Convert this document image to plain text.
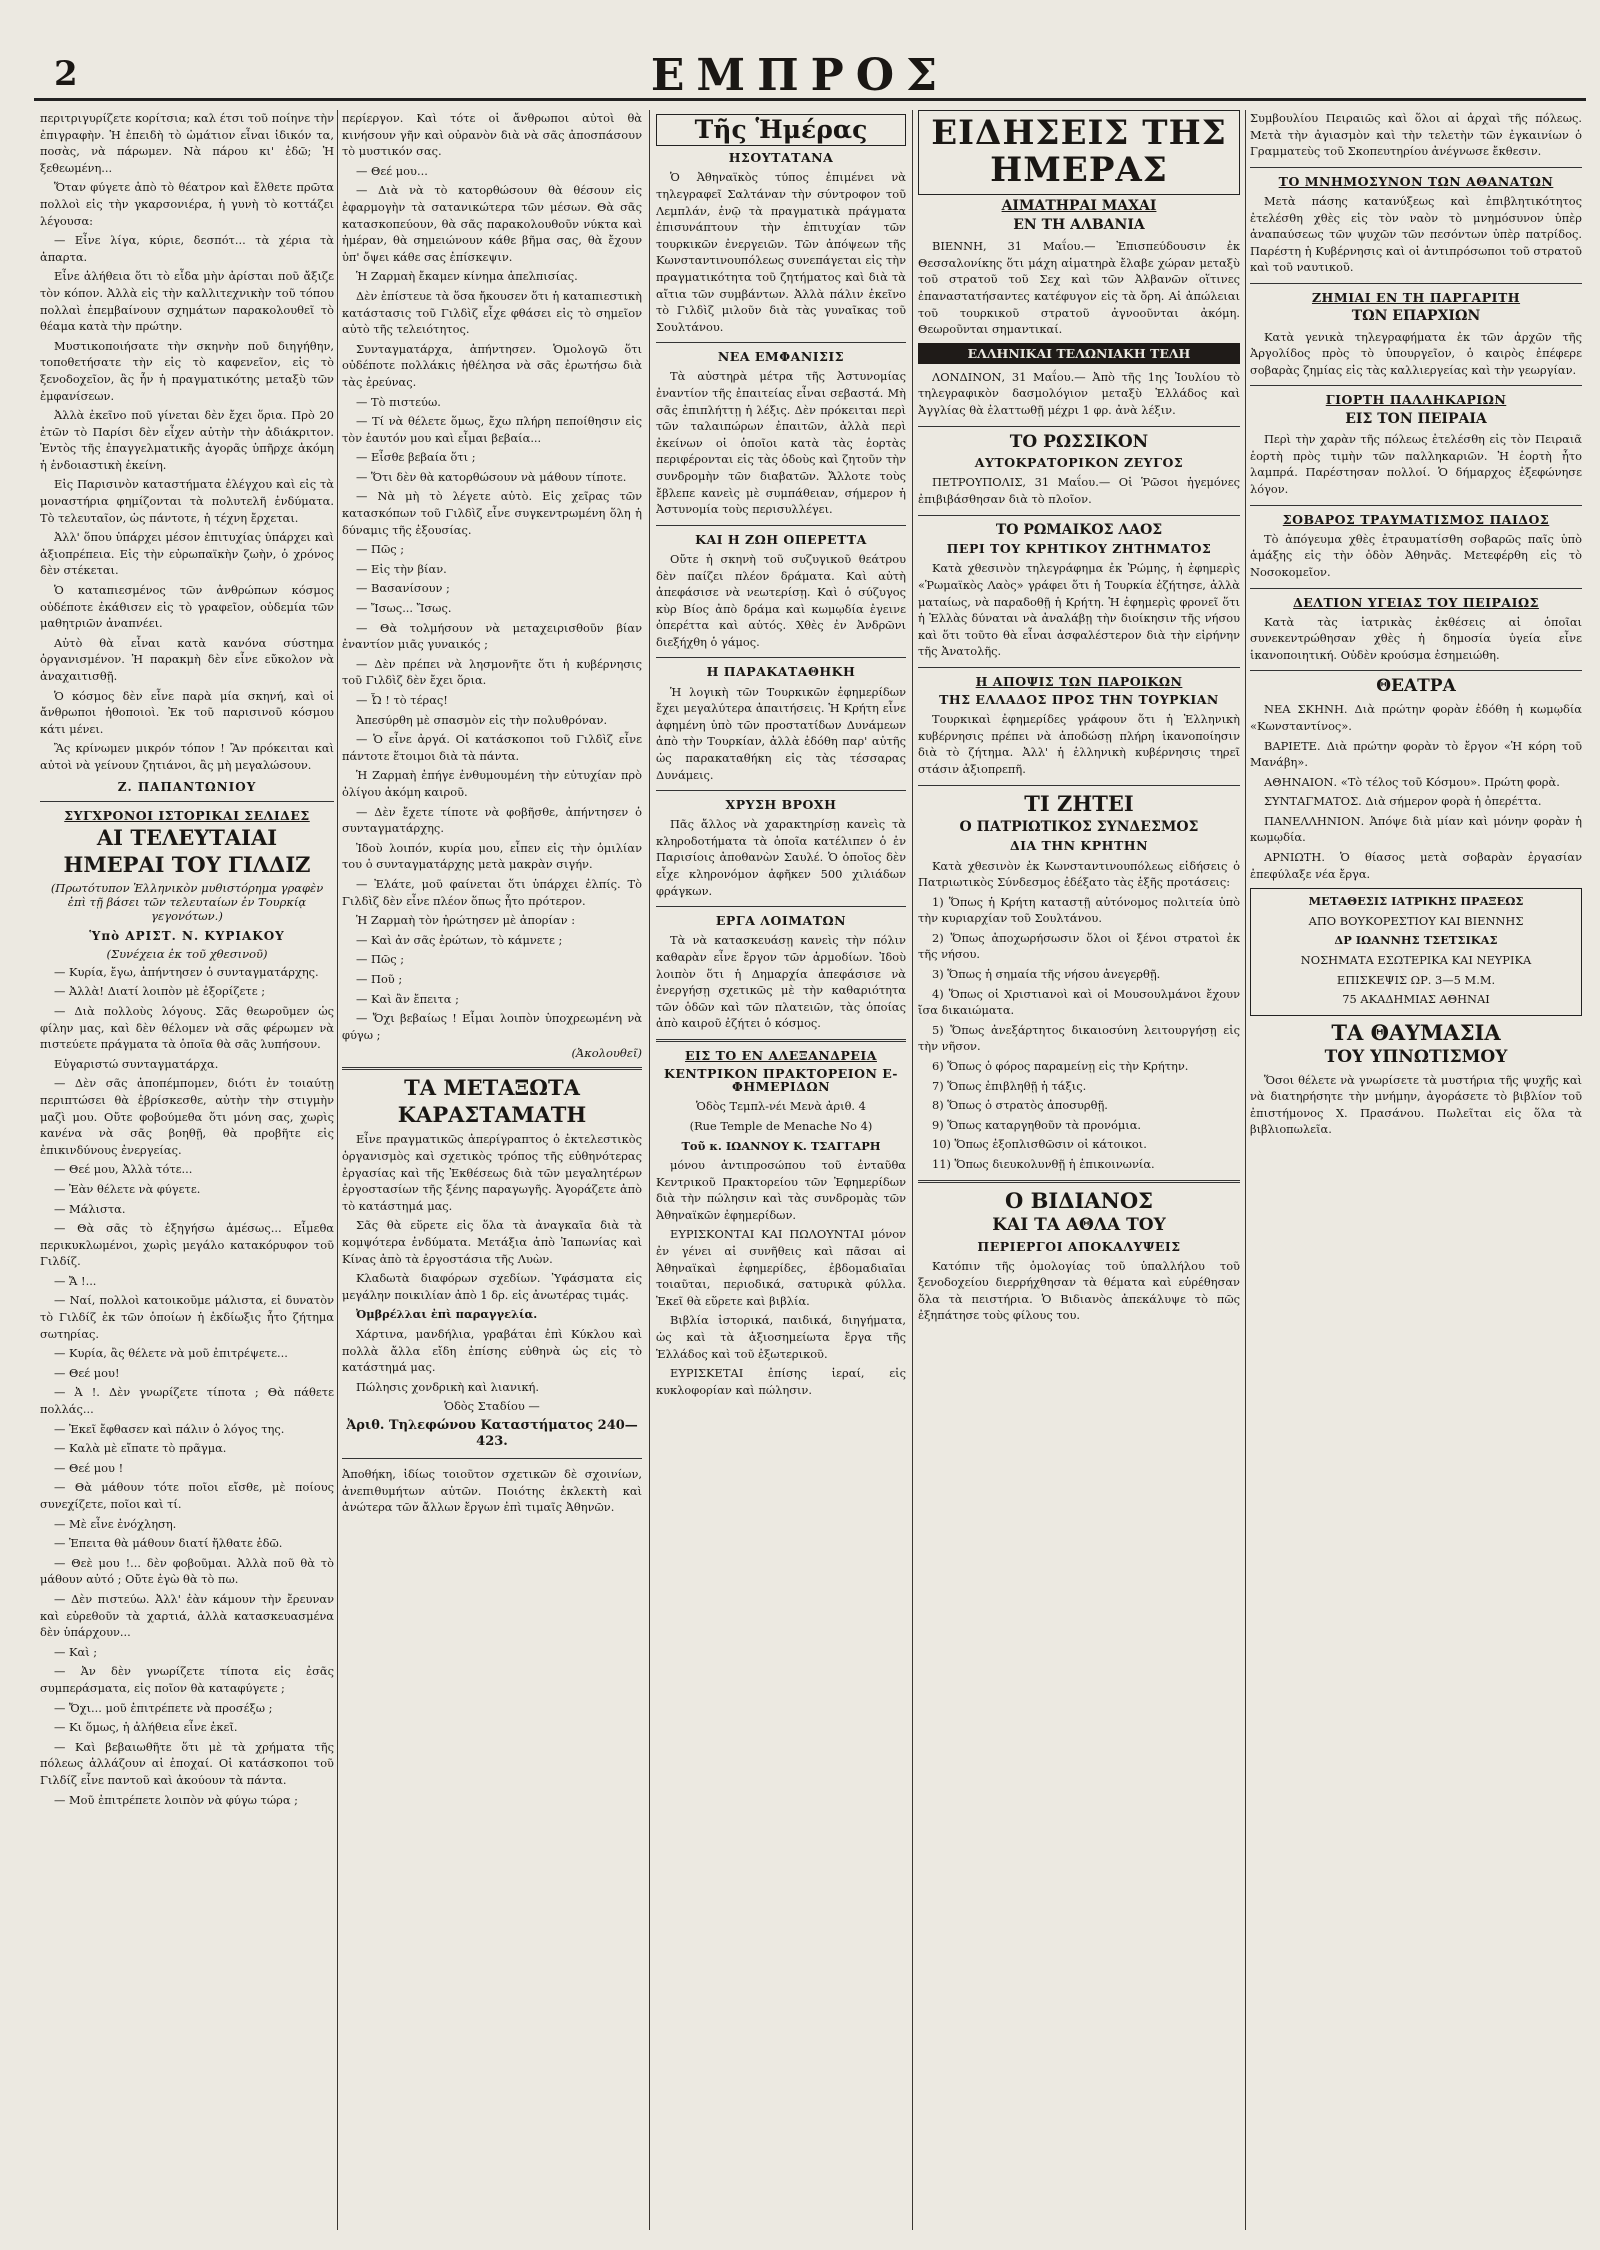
2	ΕΜΠΡΟΣ

περιτριγυρίζετε κορίτσια; καλ έτσι τοῦ ποίηνε τὴν ἐπιγραφὴν. Ἡ ἐπειδὴ τὸ ὠμάτιον εἶναι ἱδικόν τα, ποσὰς, νὰ πάρωμεν. Νὰ πάρου κι' ἐδῶ; Ἡ ξεθεωμένη...

Ὅταν φύγετε ἀπὸ τὸ θέατρον καὶ ἔλθετε πρῶτα πολλοὶ εἰς τὴν γκαρσονιέρα, ἡ γυνὴ τὸ κοττάζει λέγουσα:

— Εἶνε λίγα, κύριε, δεσπότ... τὰ χέρια τὰ ἀπαρτα.

Εἶνε ἀλήθεια ὅτι τὸ εἶδα μὴν ἀρίσται ποῦ ἄξιζε τὸν κόπον. Ἀλλὰ εἰς τὴν καλλιτεχνικὴν τοῦ τόπου πολλαὶ ἐπεμβαίνουν σχημάτων παρακολουθεῖ τὸ θέαμα κατὰ τὴν πρώτην.

Μυστικοποιήσατε τὴν σκηνὴν ποῦ διηγήθην, τοποθετήσατε τὴν εἰς τὸ καφενεῖον, εἰς τὸ ξενοδοχεῖον, ἂς ἦν ἡ πραγματικότης μεταξὺ τῶν ἐμφανίσεων.

Ἀλλὰ ἐκεῖνο ποῦ γίνεται δὲν ἔχει ὅρια. Πρὸ 20 ἐτῶν τὸ Παρίσι δὲν εἶχεν αὐτὴν τὴν ἀδιάκριτον. Ἐντὸς τῆς ἐπαγγελματικῆς ἀγορᾶς ὑπῆρχε ἀκόμη ἡ ἐνδοιαστικὴ ἐκείνη.

Εἰς Παρισινὸν καταστήματα ἐλέγχου καὶ εἰς τὰ μοναστήρια φημίζονται τὰ πολυτελῆ ἐνδύματα. Τὸ τελευταῖον, ὡς πάντοτε, ἡ τέχνη ἔρχεται.

Ἀλλ' ὅπου ὑπάρχει μέσον ἐπιτυχίας ὑπάρχει καὶ ἀξιοπρέπεια. Εἰς τὴν εὐρωπαϊκὴν ζωὴν, ὁ χρόνος δὲν στέκεται.

Ὁ καταπιεσμένος τῶν ἀνθρώπων κόσμος οὐδέποτε ἐκάθισεν εἰς τὸ γραφεῖον, οὐδεμία τῶν μαθητριῶν ἀναπνέει.

Αὐτὸ θὰ εἶναι κατὰ κανόνα σύστημα ὀργανισμένον. Ἡ παρακμὴ δὲν εἶνε εὔκολον νὰ ἀναχαιτισθῇ.

Ὁ κόσμος δὲν εἶνε παρὰ μία σκηνή, καὶ οἱ ἄνθρωποι ἠθοποιοὶ. Ἐκ τοῦ παρισινοῦ κόσμου κάτι μένει.

Ἂς κρίνωμεν μικρόν τόπον ! Ἂν πρόκειται καὶ αὐτοὶ νὰ γείνουν ζητιάνοι, ἂς μὴ μεγαλώσουν.

Ζ. ΠΑΠΑΝΤΩΝΙΟΥ
ΣΥΓΧΡΟΝΟΙ ΙΣΤΟΡΙΚΑΙ ΣΕΛΙΔΕΣ
ΑΙ ΤΕΛΕΥΤΑΙΑΙ
ΗΜΕΡΑΙ ΤΟΥ ΓΙΛΔΙΖ
(Πρωτότυπον Ἑλληνικὸν μυθιστόρημα γραφὲν ἐπὶ τῇ βάσει τῶν τελευταίων ἐν Τουρκίᾳ γεγονότων.)
Ὑπὸ ΑΡΙΣΤ. Ν. ΚΥΡΙΑΚΟΥ
(Συνέχεια ἐκ τοῦ χθεσινοῦ)

— Κυρία, ἔγω, ἀπήντησεν ὁ συνταγματάρχης.

— Ἀλλὰ! Διατί λοιπὸν μὲ ἐξορίζετε ;

— Διὰ πολλοὺς λόγους. Σᾶς θεωροῦμεν ὡς φίλην μας, καὶ δὲν θέλομεν νὰ σᾶς φέρωμεν νὰ πιστεύετε πράγματα τὰ ὁποῖα θὰ σᾶς λυπήσουν.

Εὐγαριστώ συνταγματάρχα.

— Δὲν σᾶς ἀποπέμπομεν, διότι ἐν τοιαύτῃ περιπτώσει θὰ ἐβρίσκεσθε, αὐτὴν τὴν στιγμὴν μαζὶ μου. Οὔτε φοβούμεθα ὅτι μόνη σας, χωρὶς κανένα νὰ σᾶς βοηθῇ, θὰ προβῆτε εἰς ἐπικινδύνους ἐνεργείας.

— Θεέ μου, Ἀλλὰ τότε...

— Ἐὰν θέλετε νὰ φύγετε.

— Μάλιστα.

— Θὰ σᾶς τὸ ἐξηγήσω ἀμέσως... Εἶμεθα περικυκλωμένοι, χωρὶς μεγάλο κατακόρυφον τοῦ Γιλδίζ.

— Ἄ !...

— Ναί, πολλοὶ κατοικοῦμε μάλιστα, εἰ δυνατὸν τὸ Γιλδίζ ἐκ τῶν ὁποίων ἡ ἐκδίωξις ἦτο ζήτημα σωτηρίας.

— Κυρία, ἂς θέλετε νὰ μοῦ ἐπιτρέψετε...

— Θεέ μου!

— Ἀ !. Δὲν γνωρίζετε τίποτα ; Θὰ πάθετε πολλάς...

— Ἐκεῖ ἔφθασεν καὶ πάλιν ὁ λόγος της.

— Καλὰ μὲ εἴπατε τὸ πρᾶγμα.

— Θεέ μου !

— Θὰ μάθουν τότε ποῖοι εἴσθε, μὲ ποίους συνεχίζετε, ποῖοι καὶ τί.

— Μὲ εἶνε ἐνόχληση.

— Ἐπειτα θὰ μάθουν διατί ἤλθατε ἐδῶ.

— Θεὲ μου !... δὲν φοβοῦμαι. Ἀλλὰ ποῦ θὰ τὸ μάθουν αὐτό ; Οὔτε ἐγὼ θὰ τὸ πω.

— Δὲν πιστεύω. Ἀλλ' ἐὰν κάμουν τὴν ἔρευναν καὶ εὑρεθοῦν τὰ χαρτιά, ἀλλὰ κατασκευασμένα δὲν ὑπάρχουν...

— Καὶ ;

— Ἀν δὲν γνωρίζετε τίποτα εἰς ἐσᾶς συμπεράσματα, εἰς ποῖον θὰ καταφύγετε ;

— Ὄχι... μοῦ ἐπιτρέπετε νὰ προσέξω ;

— Κι ὅμως, ἡ ἀλήθεια εἶνε ἐκεῖ.

— Καὶ βεβαιωθῆτε ὅτι μὲ τὰ χρήματα τῆς πόλεως ἀλλάζουν αἱ ἐποχαί. Οἱ κατάσκοποι τοῦ Γιλδίζ εἶνε παντοῦ καὶ ἀκούουν τὰ πάντα.

— Μοῦ ἐπιτρέπετε λοιπὸν νὰ φύγω τώρα ;

περίεργον. Καὶ τότε οἱ ἄνθρωποι αὐτοὶ θὰ κινήσουν γῆν καὶ οὐρανὸν διὰ νὰ σᾶς ἀποσπάσουν τὸ μυστικόν σας.

— Θεέ μου...

— Διὰ νὰ τὸ κατορθώσουν θὰ θέσουν εἰς ἐφαρμογὴν τὰ σατανικώτερα τῶν μέσων. Θὰ σᾶς κατασκοπεύουν, θὰ σᾶς παρακολουθοῦν νύκτα καὶ ἡμέραν, θὰ σημειώνουν κάθε βῆμα σας, θὰ ἔχουν ὑπ' ὄψει κάθε σας ἐπίσκεψιν.

Ἡ Ζαρμαὴ ἔκαμεν κίνημα ἀπελπισίας.

Δὲν ἐπίστευε τὰ ὅσα ἤκουσεν ὅτι ἡ καταπιεστικὴ κατάστασις τοῦ Γιλδὶζ εἶχε φθάσει εἰς τὸ σημεῖον αὐτὸ τῆς τελειότητος.

Συνταγματάρχα, ἀπήντησεν. Ὁμολογῶ ὅτι οὐδέποτε πολλάκις ἠθέλησα νὰ σᾶς ἐρωτήσω διὰ τὰς ἐρεύνας.

— Τὸ πιστεύω.

— Τί νὰ θέλετε ὅμως, ἔχω πλήρη πεποίθησιν εἰς τὸν ἑαυτόν μου καὶ εἶμαι βεβαία...

— Εἶσθε βεβαία ὅτι ;

— Ὅτι δὲν θὰ κατορθώσουν νὰ μάθουν τίποτε.

— Νὰ μὴ τὸ λέγετε αὐτὸ. Εἰς χεῖρας τῶν κατασκόπων τοῦ Γιλδὶζ εἶνε συγκεντρωμένη ὅλη ἡ δύναμις τῆς ἐξουσίας.

— Πῶς ;

— Εἰς τὴν βίαν.

— Βασανίσουν ;

— Ἴσως... Ἴσως.

— Θὰ τολμήσουν νὰ μεταχειρισθοῦν βίαν ἐναντίον μιᾶς γυναικός ;

— Δὲν πρέπει νὰ λησμονῆτε ὅτι ἡ κυβέρνησις τοῦ Γιλδὶζ δὲν ἔχει ὅρια.

— Ὦ ! τὸ τέρας!

Ἀπεσύρθη μὲ σπασμὸν εἰς τὴν πολυθρόναν.

— Ὁ εἶνε ἀργά. Οἱ κατάσκοποι τοῦ Γιλδὶζ εἶνε πάντοτε ἕτοιμοι διὰ τὰ πάντα.

Ἡ Ζαρμαὴ ἐπήγε ἐνθυμουμένη τὴν εὐτυχίαν πρὸ ὀλίγου ἀκόμη καιροῦ.

— Δὲν ἔχετε τίποτε νὰ φοβῆσθε, ἀπήντησεν ὁ συνταγματάρχης.

Ἰδοὺ λοιπόν, κυρία μου, εἶπεν εἰς τὴν ὁμιλίαν του ὁ συνταγματάρχης μετὰ μακρὰν σιγήν.

— Ἐλάτε, μοῦ φαίνεται ὅτι ὑπάρχει ἐλπίς. Τὸ Γιλδὶζ δὲν εἶνε πλέον ὅπως ἦτο πρότερον.

Ἡ Ζαρμαὴ τὸν ἠρώτησεν μὲ ἀπορίαν :

— Καὶ ἀν σᾶς ἐρώτων, τὸ κάμνετε ;

— Πῶς ;

— Ποῦ ;

— Καὶ ἂν ἔπειτα ;

— Ὄχι βεβαίως ! Εἶμαι λοιπὸν ὑποχρεωμένη νὰ φύγω ;

(Ἀκολουθεῖ)
ΤΑ ΜΕΤΑΞΩΤΑ
ΚΑΡΑΣΤΑΜΑΤΗ

Εἶνε πραγματικῶς ἀπερίγραπτος ὁ ἐκτελεστικὸς ὁργανισμὸς καὶ σχετικὸς τρόπος τῆς εὐθηνότερας ἐργασίας καὶ τῆς Ἐκθέσεως διὰ τῶν μεγαλητέρων ἐργοστασίων τῆς ξένης παραγωγῆς. Ἀγοράζετε ἀπὸ τὸ κατάστημά μας.

Σᾶς θὰ εὕρετε εἰς ὅλα τὰ ἀναγκαῖα διὰ τὰ κομψότερα ἐνδύματα. Μετάξια ἀπὸ Ἰαπωνίας καὶ Κίνας ἀπὸ τὰ ἐργοστάσια τῆς Λυὼν.

Κλαδωτὰ διαφόρων σχεδίων. Ὑφάσματα εἰς μεγάλην ποικιλίαν ἀπὸ 1 δρ. εἰς ἀνωτέρας τιμάς.

Ὀμβρέλλαι ἐπὶ παραγγελία.

Χάρτινα, μανδήλια, γραβάται ἐπὶ Κύκλου καὶ πολλὰ ἄλλα εἴδη ἐπίσης εὐθηνὰ ὡς εἰς τὸ κατάστημά μας.

Πώλησις χονδρικὴ καὶ λιανική.

Ὁδὸς Σταδίου —

Ἀριθ. Τηλεφώνου Καταστήματος 240—423.

Ἀποθήκη, ἰδίως τοιοῦτον σχετικῶν δὲ σχοινίων, ἀνεπιθυμήτων αὐτῶν. Ποιότης ἐκλεκτὴ καὶ ἀνώτερα τῶν ἄλλων ἔργων ἐπὶ τιμαῖς Ἀθηνῶν.

Τῆς Ἡμέρας
ΗΣΟΥΤΑΤΑΝΑ

Ὁ Ἀθηναϊκὸς τύπος ἐπιμένει νὰ τηλεγραφεῖ Σαλτάναν τὴν σύντροφον τοῦ Λεμπλάν, ἐνῷ τὰ πραγματικὰ πράγματα ἐπισυνάπτουν τὴν ἐπιτυχίαν τῶν τουρκικῶν ἐνεργειῶν. Τῶν ἀπόψεων τῆς Κωνσταντινουπόλεως συνεπάγεται εἰς τὴν πραγματικότητα τοῦ ζητήματος καὶ διὰ τὰ αἴτια τῶν συμβάντων. Ἀλλὰ πάλιν ἐκεῖνο τὸ Γιλδὶζ μιλοῦν διὰ τὰς γυναῖκας τοῦ Σουλτάνου.

ΝΕΑ ΕΜΦΑΝΙΣΙΣ

Τὰ αὐστηρὰ μέτρα τῆς Ἀστυνομίας ἐναντίον τῆς ἐπαιτείας εἶναι σεβαστά. Μὴ σᾶς ἐπιπλήττῃ ἡ λέξις. Δὲν πρόκειται περὶ τῶν ταλαιπώρων ἐπαιτῶν, ἀλλὰ περὶ ἐκείνων οἱ ὁποῖοι κατὰ τὰς ἑορτὰς περιφέρονται εἰς τὰς ὁδοὺς καὶ ζητοῦν τὴν συνδρομὴν τῶν διαβατῶν. Ἄλλοτε τοὺς ἔβλεπε κανεὶς μὲ συμπάθειαν, σήμερον ἡ Ἀστυνομία τοὺς περισυλλέγει.

ΚΑΙ Η ΖΩΗ ΟΠΕΡΕΤΤΑ

Οὔτε ἡ σκηνὴ τοῦ συζυγικοῦ θεάτρου δὲν παίζει πλέον δράματα. Καὶ αὐτὴ ἀπεφάσισε νὰ νεωτερίσῃ. Καὶ ὁ σύζυγος κὺρ Βίος ἀπὸ δράμα καὶ κωμῳδία ἐγεινε ὀπερέττα καὶ αὐτός. Χθὲς ἐν Ἀνδρῶνι διεξήχθη ὁ γάμος.

Η ΠΑΡΑΚΑΤΑΘΗΚΗ

Ἡ λογικὴ τῶν Τουρκικῶν ἐφημερίδων ἔχει μεγαλύτερα ἀπαιτήσεις. Ἡ Κρήτη εἶνε ἀφημένη ὑπὸ τῶν προστατίδων Δυνάμεων ἀπὸ τὴν Τουρκίαν, ἀλλὰ ἐδόθη παρ' αὐτῆς ὡς παρακαταθήκη εἰς τὰς τέσσαρας Δυνάμεις.

ΧΡΥΣΗ ΒΡΟΧΗ

Πᾶς ἄλλος νὰ χαρακτηρίσῃ κανεὶς τὰ κληροδοτήματα τὰ ὁποῖα κατέλιπεν ὁ ἐν Παρισίοις ἀποθανὼν Σαυλέ. Ὁ ὁποῖος δὲν εἶχε κληρονόμον ἀφῆκεν 500 χιλιάδων φράγκων.

ΕΡΓΑ ΛΟΙΜΑΤΩΝ

Τὰ νὰ κατασκευάσῃ κανεὶς τὴν πόλιν καθαρὰν εἶνε ἔργον τῶν ἁρμοδίων. Ἰδοὺ λοιπὸν ὅτι ἡ Δημαρχία ἀπεφάσισε νὰ ἐνεργήσῃ σχετικῶς μὲ τὴν καθαριότητα τῶν ὁδῶν καὶ τῶν πλατειῶν, τὰς ὁποίας ἀπὸ καιροῦ ἐζήτει ὁ κόσμος.

ΕΙΣ ΤΟ ΕΝ ΑΛΕΞΑΝΔΡΕΙΑ
ΚΕΝΤΡΙΚΟΝ ΠΡΑΚΤΟΡΕΙΟΝ Ε-ΦΗΜΕΡΙΔΩΝ

Ὁδὸς Τεμπλ-νέι Μενὰ ἀριθ. 4

(Rue Temple de Menache No 4)

Τοῦ κ. ΙΩΑΝΝΟΥ Κ. ΤΣΑΓΓΑΡΗ

μόνου ἀντιπροσώπου τοῦ ἐνταῦθα Κεντρικοῦ Πρακτορείου τῶν Ἐφημερίδων διὰ τὴν πώλησιν καὶ τὰς συνδρομὰς τῶν Ἀθηναϊκῶν ἐφημερίδων.

ΕΥΡΙΣΚΟΝΤΑΙ ΚΑΙ ΠΩΛΟΥΝΤΑΙ μόνον ἐν γένει αἱ συνῆθεις καὶ πᾶσαι αἱ Ἀθηναϊκαὶ ἐφημερίδες, ἐβδομαδιαῖαι τοιαῦται, περιοδικά, σατυρικὰ φύλλα. Ἐκεῖ θὰ εὕρετε καὶ βιβλία.

Βιβλία ἱστορικά, παιδικά, διηγήματα, ὡς καὶ τὰ ἀξιοσημείωτα ἔργα τῆς Ἑλλάδος καὶ τοῦ ἐξωτερικοῦ.

ΕΥΡΙΣΚΕΤΑΙ ἐπίσης ἱεραί, εἰς κυκλοφορίαν καὶ πώλησιν.

ΕΙΔΗΣΕΙΣ ΤΗΣ ΗΜΕΡΑΣ
ΑΙΜΑΤΗΡΑΙ ΜΑΧΑΙ
ΕΝ ΤΗ ΑΛΒΑΝΙΑ

ΒΙΕΝΝΗ, 31 Μαΐου.— Ἐπισπεύδουσιν ἐκ Θεσσαλονίκης ὅτι μάχη αἱματηρὰ ἔλαβε χώραν μεταξὺ τοῦ στρατοῦ τοῦ Σεχ καὶ τῶν Ἀλβανῶν οἵτινες ἐπαναστατήσαντες κατέφυγον εἰς τὰ ὄρη. Αἱ ἀπώλειαι τοῦ τουρκικοῦ στρατοῦ ἀγνοοῦνται ἀκόμη. Θεωροῦνται σημαντικαί.

ΕΛΛΗΝΙΚΑΙ ΤΕΛΩΝΙΑΚΗ ΤΕΛΗ

ΛΟΝΔΙΝΟΝ, 31 Μαΐου.— Ἀπὸ τῆς 1ης Ἰουλίου τὸ τηλεγραφικὸν δασμολόγιον μεταξὺ Ἑλλάδος καὶ Ἀγγλίας θὰ ἐλαττωθῇ μέχρι 1 φρ. ἀνὰ λέξιν.

ΤΟ ΡΩΣΣΙΚΟΝ
ΑΥΤΟΚΡΑΤΟΡΙΚΟΝ ΖΕΥΓΟΣ

ΠΕΤΡΟΥΠΟΛΙΣ, 31 Μαΐου.— Οἱ Ῥῶσοι ἡγεμόνες ἐπιβιβάσθησαν διὰ τὸ πλοῖον.

ΤΟ ΡΩΜΑΙΚΟΣ ΛΑΟΣ
ΠΕΡΙ ΤΟΥ ΚΡΗΤΙΚΟΥ ΖΗΤΗΜΑΤΟΣ

Κατὰ χθεσινὸν τηλεγράφημα ἐκ Ῥώμης, ἡ ἐφημερὶς «Ῥωμαϊκὸς Λαὸς» γράφει ὅτι ἡ Τουρκία ἐζήτησε, ἀλλὰ ματαίως, νὰ παραδοθῇ ἡ Κρήτη. Ἡ ἐφημερὶς φρονεῖ ὅτι ἡ Ἑλλὰς δύναται νὰ ἀναλάβῃ τὴν διοίκησιν τῆς νήσου καὶ ὅτι τοῦτο θὰ εἶναι ἀσφαλέστερον διὰ τὴν εἰρήνην τῆς Ἀνατολῆς.

Η ΑΠΟΨΙΣ ΤΩΝ ΠΑΡΟΙΚΩΝ
ΤΗΣ ΕΛΛΑΔΟΣ ΠΡΟΣ ΤΗΝ ΤΟΥΡΚΙΑΝ

Τουρκικαὶ ἐφημερίδες γράφουν ὅτι ἡ Ἑλληνικὴ κυβέρνησις πρέπει νὰ ἀποδώσῃ πλήρη ἱκανοποίησιν διὰ τὸ ζήτημα. Ἀλλ' ἡ ἑλληνικὴ κυβέρνησις τηρεῖ στάσιν ἀξιοπρεπῆ.

ΤΙ ΖΗΤΕΙ
Ο ΠΑΤΡΙΩΤΙΚΟΣ ΣΥΝΔΕΣΜΟΣ
ΔΙΑ ΤΗΝ ΚΡΗΤΗΝ

Κατὰ χθεσινὸν ἐκ Κωνσταντινουπόλεως εἰδήσεις ὁ Πατριωτικὸς Σύνδεσμος ἐδέξατο τὰς ἑξῆς προτάσεις:

1) Ὅπως ἡ Κρήτη καταστῇ αὐτόνομος πολιτεία ὑπὸ τὴν κυριαρχίαν τοῦ Σουλτάνου.

2) Ὅπως ἀποχωρήσωσιν ὅλοι οἱ ξένοι στρατοὶ ἐκ τῆς νήσου.

3) Ὅπως ἡ σημαία τῆς νήσου ἀνεγερθῇ.

4) Ὅπως οἱ Χριστιανοὶ καὶ οἱ Μουσουλμάνοι ἔχουν ἴσα δικαιώματα.

5) Ὅπως ἀνεξάρτητος δικαιοσύνη λειτουργήσῃ εἰς τὴν νῆσον.

6) Ὅπως ὁ φόρος παραμείνῃ εἰς τὴν Κρήτην.

7) Ὅπως ἐπιβληθῇ ἡ τάξις.

8) Ὅπως ὁ στρατὸς ἀποσυρθῇ.

9) Ὅπως καταργηθοῦν τὰ προνόμια.

10) Ὅπως ἐξοπλισθῶσιν οἱ κάτοικοι.

11) Ὅπως διευκολυνθῇ ἡ ἐπικοινωνία.

Ο ΒΙΔΙΑΝΟΣ
ΚΑΙ ΤΑ ΑΘΛΑ ΤΟΥ
ΠΕΡΙΕΡΓΟΙ ΑΠΟΚΑΛΥΨΕΙΣ

Κατόπιν τῆς ὁμολογίας τοῦ ὑπαλλήλου τοῦ ξενοδοχείου διερρήχθησαν τὰ θέματα καὶ εὑρέθησαν ὅλα τὰ πειστήρια. Ὁ Βιδιανὸς ἀπεκάλυψε τὸ πῶς ἐξηπάτησε τοὺς φίλους του.

Συμβουλίου Πειραιῶς καὶ ὅλοι αἱ ἀρχαὶ τῆς πόλεως. Μετὰ τὴν ἀγιασμὸν καὶ τὴν τελετὴν τῶν ἐγκαινίων ὁ Γραμματεὺς τοῦ Σκοπευτηρίου ἀνέγνωσε ἔκθεσιν.

ΤΟ ΜΝΗΜΟΣΥΝΟΝ ΤΩΝ ΑΘΑΝΑΤΩΝ

Μετὰ πάσης κατανύξεως καὶ ἐπιβλητικότητος ἐτελέσθη χθὲς εἰς τὸν ναὸν τὸ μνημόσυνον ὑπὲρ ἀναπαύσεως τῶν ψυχῶν τῶν πεσόντων ὑπὲρ πατρίδος. Παρέστη ἡ Κυβέρνησις καὶ οἱ ἀντιπρόσωποι τοῦ στρατοῦ καὶ τοῦ ναυτικοῦ.

ΖΗΜΙΑΙ ΕΝ ΤΗ ΠΑΡΓΑΡΙΤΗ
ΤΩΝ ΕΠΑΡΧΙΩΝ

Κατὰ γενικὰ τηλεγραφήματα ἐκ τῶν ἀρχῶν τῆς Ἀργολίδος πρὸς τὸ ὑπουργεῖον, ὁ καιρὸς ἐπέφερε σοβαρὰς ζημίας εἰς τὰς καλλιεργείας καὶ τὴν γεωργίαν.

ΓΙΟΡΤΗ ΠΑΛΛΗΚΑΡΙΩΝ
ΕΙΣ ΤΟΝ ΠΕΙΡΑΙΑ

Περὶ τὴν χαρὰν τῆς πόλεως ἐτελέσθη εἰς τὸν Πειραιᾶ ἑορτὴ πρὸς τιμὴν τῶν παλληκαριῶν. Ἡ ἑορτὴ ἦτο λαμπρά. Παρέστησαν πολλοί. Ὁ δήμαρχος ἐξεφώνησε λόγον.

ΣΟΒΑΡΟΣ ΤΡΑΥΜΑΤΙΣΜΟΣ ΠΑΙΔΟΣ

Τὸ ἀπόγευμα χθὲς ἐτραυματίσθη σοβαρῶς παῖς ὑπὸ ἁμάξης εἰς τὴν ὁδὸν Ἀθηνᾶς. Μετεφέρθη εἰς τὸ Νοσοκομεῖον.

ΔΕΛΤΙΟΝ ΥΓΕΙΑΣ ΤΟΥ ΠΕΙΡΑΙΩΣ

Κατὰ τὰς ἰατρικὰς ἐκθέσεις αἱ ὁποῖαι συνεκεντρώθησαν χθὲς ἡ δημοσία ὑγεία εἶνε ἱκανοποιητική. Οὐδὲν κρούσμα ἐσημειώθη.

ΘΕΑΤΡΑ

ΝΕΑ ΣΚΗΝΗ. Διὰ πρώτην φορὰν ἐδόθη ἡ κωμῳδία «Κωνσταντίνος».

ΒΑΡΙΕΤΕ. Διὰ πρώτην φορὰν τὸ ἔργον «Ἡ κόρη τοῦ Μανάβη».

ΑΘΗΝΑΙΟΝ. «Τὸ τέλος τοῦ Κόσμου». Πρώτη φορὰ.

ΣΥΝΤΑΓΜΑΤΟΣ. Διὰ σήμερον φορὰ ἡ ὀπερέττα.

ΠΑΝΕΛΛΗΝΙΟΝ. Ἀπόψε διὰ μίαν καὶ μόνην φορὰν ἡ κωμῳδία.

ΑΡΝΙΩΤΗ. Ὁ θίασος μετὰ σοβαρὰν ἐργασίαν ἐπεφύλαξε νέα ἔργα.

ΜΕΤΑΘΕΣΙΣ ΙΑΤΡΙΚΗΣ ΠΡΑΞΕΩΣ
ΑΠΟ ΒΟΥΚΟΡΕΣΤΙΟΥ ΚΑΙ ΒΙΕΝΝΗΣ
ΔΡ ΙΩΑΝΝΗΣ ΤΣΕΤΣΙΚΑΣ
ΝΟΣΗΜΑΤΑ ΕΣΩΤΕΡΙΚΑ ΚΑΙ ΝΕΥΡΙΚΑ
ΕΠΙΣΚΕΨΙΣ ΩΡ. 3—5 Μ.Μ.
75 ΑΚΑΔΗΜΙΑΣ ΑΘΗΝΑΙ
ΤΑ ΘΑΥΜΑΣΙΑ
ΤΟΥ ΥΠΝΩΤΙΣΜΟΥ

Ὅσοι θέλετε νὰ γνωρίσετε τὰ μυστήρια τῆς ψυχῆς καὶ νὰ διατηρήσητε τὴν μνήμην, ἀγοράσετε τὸ βιβλίον τοῦ ἐπιστήμονος Χ. Πρασάνου. Πωλεῖται εἰς ὅλα τὰ βιβλιοπωλεῖα.
